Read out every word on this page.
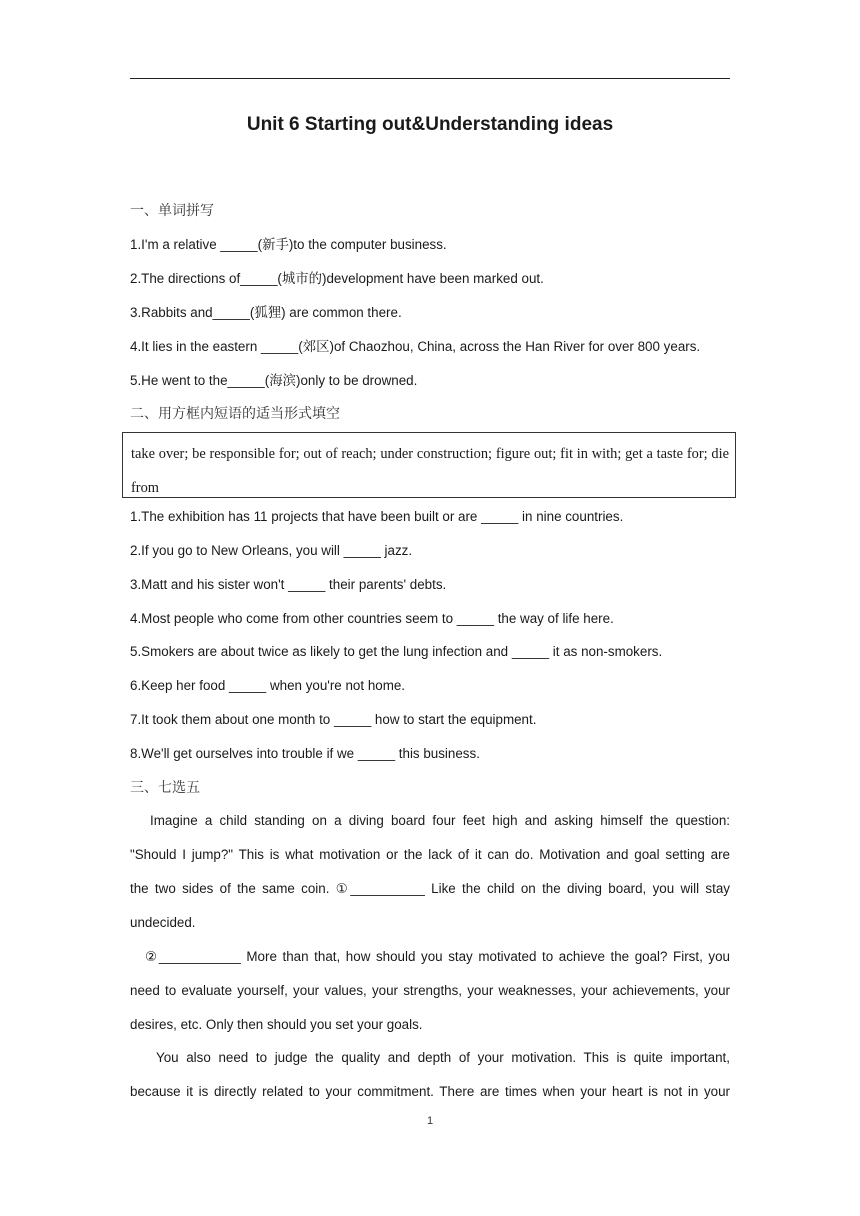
Unit 6 Starting out&Understanding ideas
一、单词拼写
1.I'm a relative _____(新手)to the computer business.
2.The directions of_____(城市的)development have been marked out.
3.Rabbits and_____(狐狸) are common there.
4.It lies in the eastern _____(郊区)of Chaozhou, China, across the Han River for over 800 years.
5.He went to the_____(海滨)only to be drowned.
二、用方框内短语的适当形式填空
take over; be responsible for; out of reach; under construction; figure out; fit in with; get a taste for; die from
1.The exhibition has 11 projects that have been built or are _____ in nine countries.
2.If you go to New Orleans, you will _____ jazz.
3.Matt and his sister won't _____ their parents' debts.
4.Most people who come from other countries seem to _____ the way of life here.
5.Smokers are about twice as likely to get the lung infection and _____ it as non-smokers.
6.Keep her food _____ when you're not home.
7.It took them about one month to _____ how to start the equipment.
8.We'll get ourselves into trouble if we _____ this business.
三、七选五
Imagine a child standing on a diving board four feet high and asking himself the question:
"Should I jump?" This is what motivation or the lack of it can do. Motivation and goal setting are
the two sides of the same coin. ①__________ Like the child on the diving board, you will stay
undecided.
②___________ More than that, how should you stay motivated to achieve the goal? First, you
need to evaluate yourself, your values, your strengths, your weaknesses, your achievements, your
desires, etc. Only then should you set your goals.
You also need to judge the quality and depth of your motivation. This is quite important,
because it is directly related to your commitment. There are times when your heart is not in your
1
